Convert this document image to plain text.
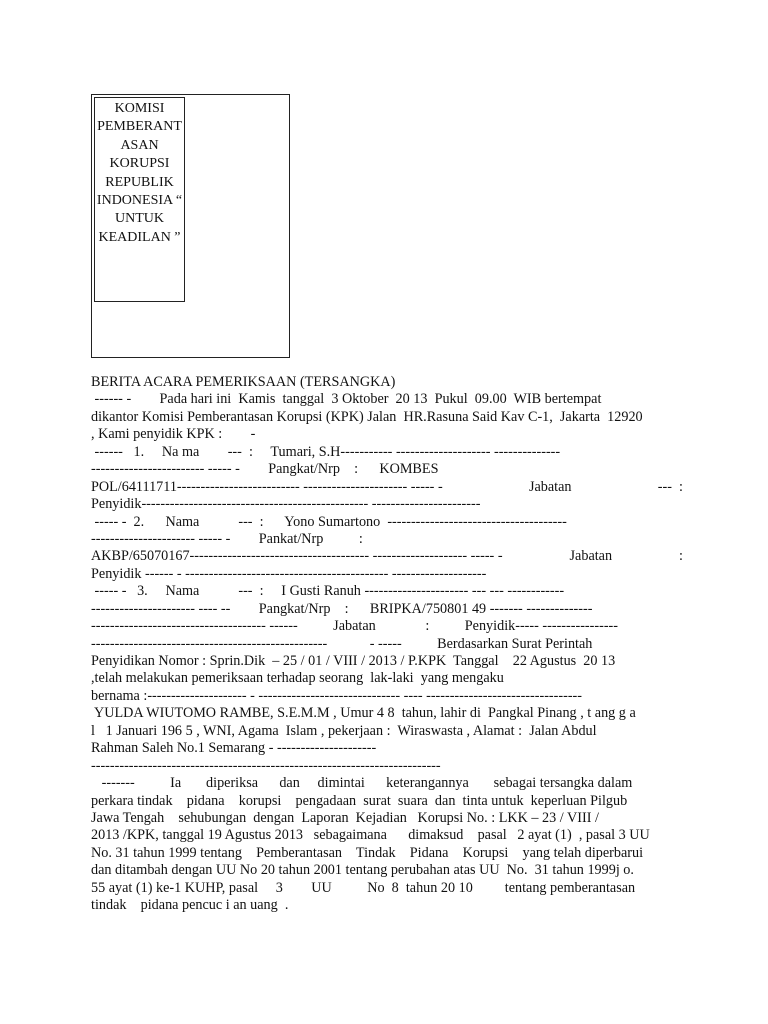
KOMISI
PEMBERANT
ASAN
KORUPSI
REPUBLIK
INDONESIA “
UNTUK
KEADILAN ”
BERITA ACARA PEMERIKSAAN (TERSANGKA)
------ -        Pada hari ini  Kamis  tanggal  3 Oktober  20 13  Pukul  09.00  WIB bertempat
dikantor Komisi Pemberantasan Korupsi (KPK) Jalan  HR.Rasuna Said Kav C-1,  Jakarta  12920
, Kami penyidik KPK :        -
------   1.     Na ma        ---  :     Tumari, S.H----------- -------------------- --------------
------------------------ ----- -        Pangkat/Nrp    :      KOMBES
POL/64111711-------------------------- ---------------------- ----- -	Jabatan	---  :
Penyidik------------------------------------------------ -----------------------
----- -  2.      Nama           ---  :      Yono Sumartono  --------------------------------------
---------------------- ----- -        Pankat/Nrp          :
AKBP/65070167-------------------------------------- -------------------- ----- -	Jabatan	:
Penyidik ------ - ------------------------------------------- --------------------
----- -   3.     Nama           ---  :     I Gusti Ranuh ---------------------- --- --- ------------
---------------------- ---- --        Pangkat/Nrp    :      BRIPKA/750801 49 ------- --------------
------------------------------------- ------          Jabatan              :          Penyidik----- ----------------
--------------------------------------------------            - -----          Berdasarkan Surat Perintah
Penyidikan Nomor : Sprin.Dik  – 25 / 01 / VIII / 2013 / P.KPK  Tanggal    22 Agustus  20 13
,telah melakukan pemeriksaan terhadap seorang  lak-laki  yang mengaku
bernama :--------------------- - ------------------------------ ---- ---------------------------------
YULDA WIUTOMO RAMBE, S.E.M.M , Umur 4 8  tahun, lahir di  Pangkal Pinang , t ang g a
l   1 Januari 196 5 , WNI, Agama  Islam , pekerjaan :  Wiraswasta , Alamat :  Jalan Abdul
Rahman Saleh No.1 Semarang - ---------------------
--------------------------------------------------------------------------
-------          Ia       diperiksa      dan     dimintai      keterangannya       sebagai tersangka dalam
perkara tindak    pidana    korupsi    pengadaan  surat  suara  dan  tinta untuk  keperluan Pilgub
Jawa Tengah    sehubungan  dengan  Laporan  Kejadian   Korupsi No. : LKK – 23 / VIII /
2013 /KPK, tanggal 19 Agustus 2013   sebagaimana      dimaksud    pasal   2 ayat (1)  , pasal 3 UU
No. 31 tahun 1999 tentang    Pemberantasan    Tindak    Pidana    Korupsi    yang telah diperbarui
dan ditambah dengan UU No 20 tahun 2001 tentang perubahan atas UU  No.  31 tahun 1999j o.
55 ayat (1) ke-1 KUHP, pasal     3        UU          No  8  tahun 20 10         tentang pemberantasan
tindak    pidana pencuc i an uang  .
